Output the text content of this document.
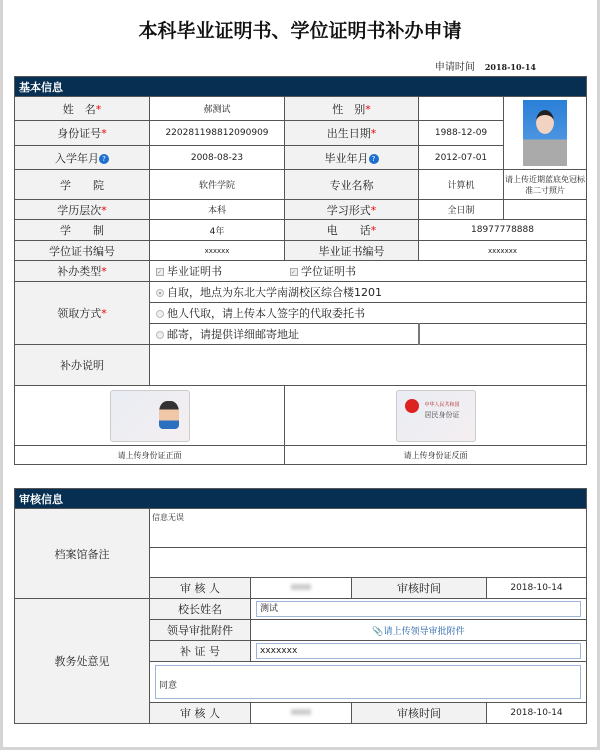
本科毕业证明书、学位证明书补办申请
申请时间 2018-10-14
基本信息				
姓　名*	郝测试	性　别*		

身份证号*	220281198812090909	出生日期*	1988-12-09	
入学年月 ?	2008-08-23	毕业年月 ?	2012-07-01	
学　　院	软件学院	专业名称	计算机	请上传近期蓝底免冠标准二寸照片
学历层次*	本科	学习形式*	全日制	
学　　制	4年	电　　话*	18977778888	
学位证书编号	xxxxxx	毕业证书编号	xxxxxxx	
补办类型*	✓ 毕业证明书 ✓ 学位证明书			
领取方式*	自取，地点为东北大学南湖校区综合楼1201			
	他人代取，请上传本人签字的代取委托书			
	邮寄，请提供详细邮寄地址			
补办说明				

		中华人民共和国
居民身份证		

请上传身份证正面		请上传身份证反面		
审核信息				
档案馆备注	信息无误			

	审 核 人		审核时间	2018-10-14
教务处意见	校长姓名	测试		

	领导审批附件	📎请上传领导审批附件		
	补 证 号	xxxxxxx		

	同意			

	审 核 人		审核时间	2018-10-14
